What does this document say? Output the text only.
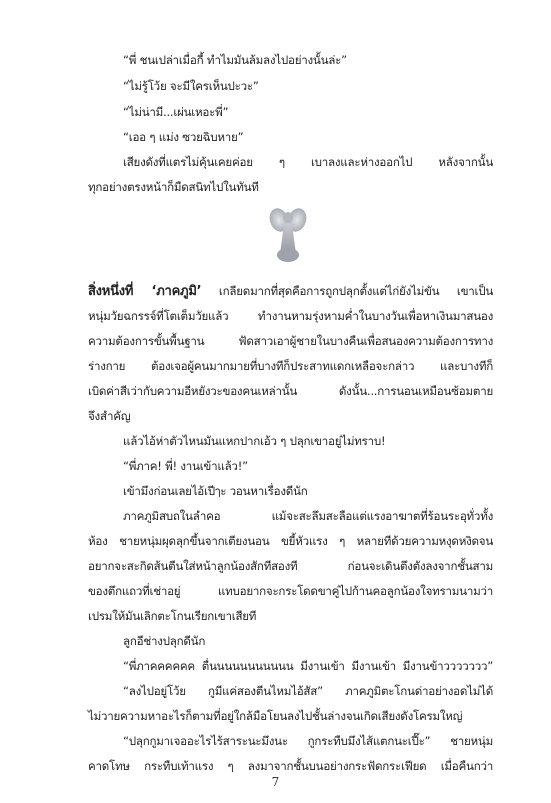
“พี่ ชนเปล่าเมื่อกี้ ทำไมมันล้มลงไปอย่างนั้นล่ะ”
“ไม่รู้โว้ย จะมีใครเห็นปะวะ”
“ไม่น่ามี...เผ่นเหอะพี่”
“เออ ๆ แม่ง ซวยฉิบหาย”
เสียงดังที่แตรไม่คุ้นเคยค่อย ๆ เบาลงและห่างออกไป หลังจากนั้น
ทุกอย่างตรงหน้าก็มืดสนิทไปในทันที
สิ่งหนึ่งที่ ‘ภาคภูมิ’ เกลียดมากที่สุดคือการถูกปลุกตั้งแต่ไก่ยังไม่ขัน เขาเป็น
หนุ่มวัยฉกรรจ์ที่โตเต็มวัยแล้ว ทำงานหามรุ่งหามค่ำในบางวันเพื่อหาเงินมาสนอง
ความต้องการขั้นพื้นฐาน ฟัดสาวเอาผู้ชายในบางคืนเพื่อสนองความต้องการทาง
ร่างกาย ต้องเจอผู้คนมากมายที่บางทีก็ประสาทแดกเหลือจะกล่าว และบางทีก็
เบิดค่าสีเว่ากับความอีหยังวะของคนเหล่านั้น ดังนั้น...การนอนเหมือนซ้อมตาย
จึงสำคัญ
แล้วไอ้ห่าตัวไหนมันแหกปากเอ้ว ๆ ปลุกเขาอยู่ไม่ทราบ!
“พี่ภาค! พี่! งานเข้าแล้ว!”
เข้ามึงก่อนเลยไอ้เปีๅะ วอนหาเรื่องดีนัก
ภาคภูมิสบถในลำคอ แม้จะสะลึมสะลือแต่แรงอาฆาตที่ร้อนระอุทั่วทั้ง
ห้อง ชายหนุ่มผุดลุกขึ้นจากเตียงนอน ขยี้หัวแรง ๆ หลายทีด้วยความหงุดหงิดจน
อยากจะสะกิดส้นตีนใส่หน้าลูกน้องสักทีสองที ก่อนจะเดินตึงตังลงจากชั้นสาม
ของตึกแถวที่เช่าอยู่ แทบอยากจะกระโดดขาคู่ไปก้านคอลูกน้องใจทรามนามว่า
เปรมให้มันเลิกตะโกนเรียกเขาเสียที
ลูกอีช่างปลุกดีนัก
“พี่ภาคคคคคค ตื่นนนนนนนนนนน มีงานเข้า มีงานเข้า มีงานข้าววววววว”
“ลงไปอยู่โว้ย กูมีแค่สองตีนไหมไอ้สัส” ภาคภูมิตะโกนด่าอย่างอดไม่ได้
ไม่วายความหาอะไรก็ตามที่อยู่ใกล้มือโยนลงไปชั้นล่างจนเกิดเสียงดังโครมใหญ่
“ปลุกกูมาเจออะไรไร้สาระนะมึงนะ กูกระทืบมึงไส้แตกนะเปี๊ะ” ชายหนุ่ม
คาดโทษ กระทืบเท้าแรง ๆ ลงมาจากชั้นบนอย่างกระฟัดกระเฟียด เมื่อคืนกว่า
7
